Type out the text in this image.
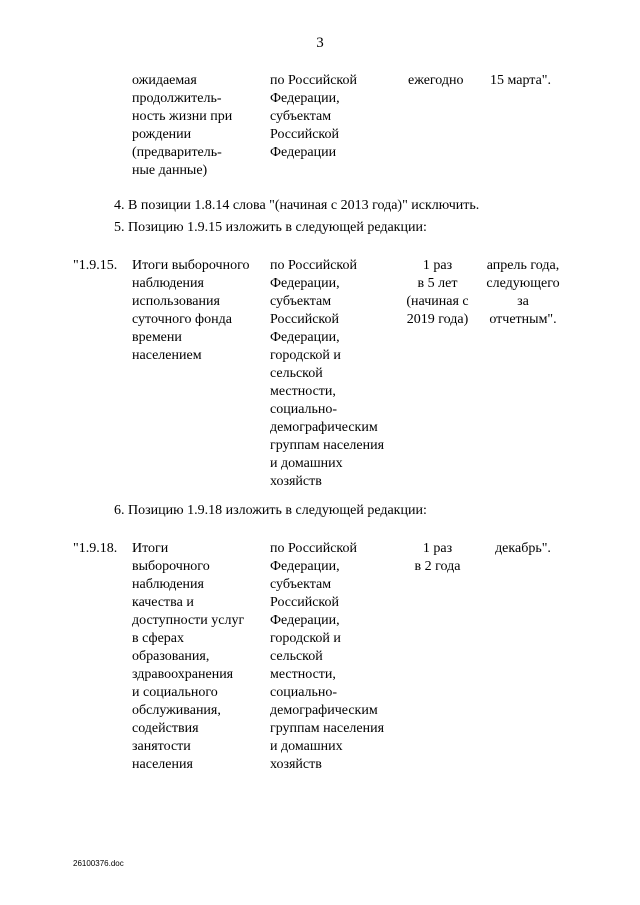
3
ожидаемая
продолжитель-
ность жизни при
рождении
(предваритель-
ные данные)
по Российской
Федерации,
субъектам
Российской
Федерации
ежегодно 15 марта".
4. В позиции 1.8.14 слова "(начиная с 2013 года)" исключить.
5. Позицию 1.9.15 изложить в следующей редакции:
"1.9.15. Итоги выборочного
наблюдения
использования
суточного фонда
времени
населением
по Российской
Федерации,
субъектам
Российской
Федерации,
городской и
сельской
местности,
социально-
демографическим
группам населения
и домашних
хозяйств
1 раз
в 5 лет
(начиная с
2019 года)
апрель года,
следующего
за
отчетным".
6. Позицию 1.9.18 изложить в следующей редакции:
"1.9.18. Итоги
выборочного
наблюдения
качества и
доступности услуг
в сферах
образования,
здравоохранения
и социального
обслуживания,
содействия
занятости
населения
по Российской
Федерации,
субъектам
Российской
Федерации,
городской и
сельской
местности,
социально-
демографическим
группам населения
и домашних
хозяйств
1 раз
в 2 года
декабрь".
26100376.doc
